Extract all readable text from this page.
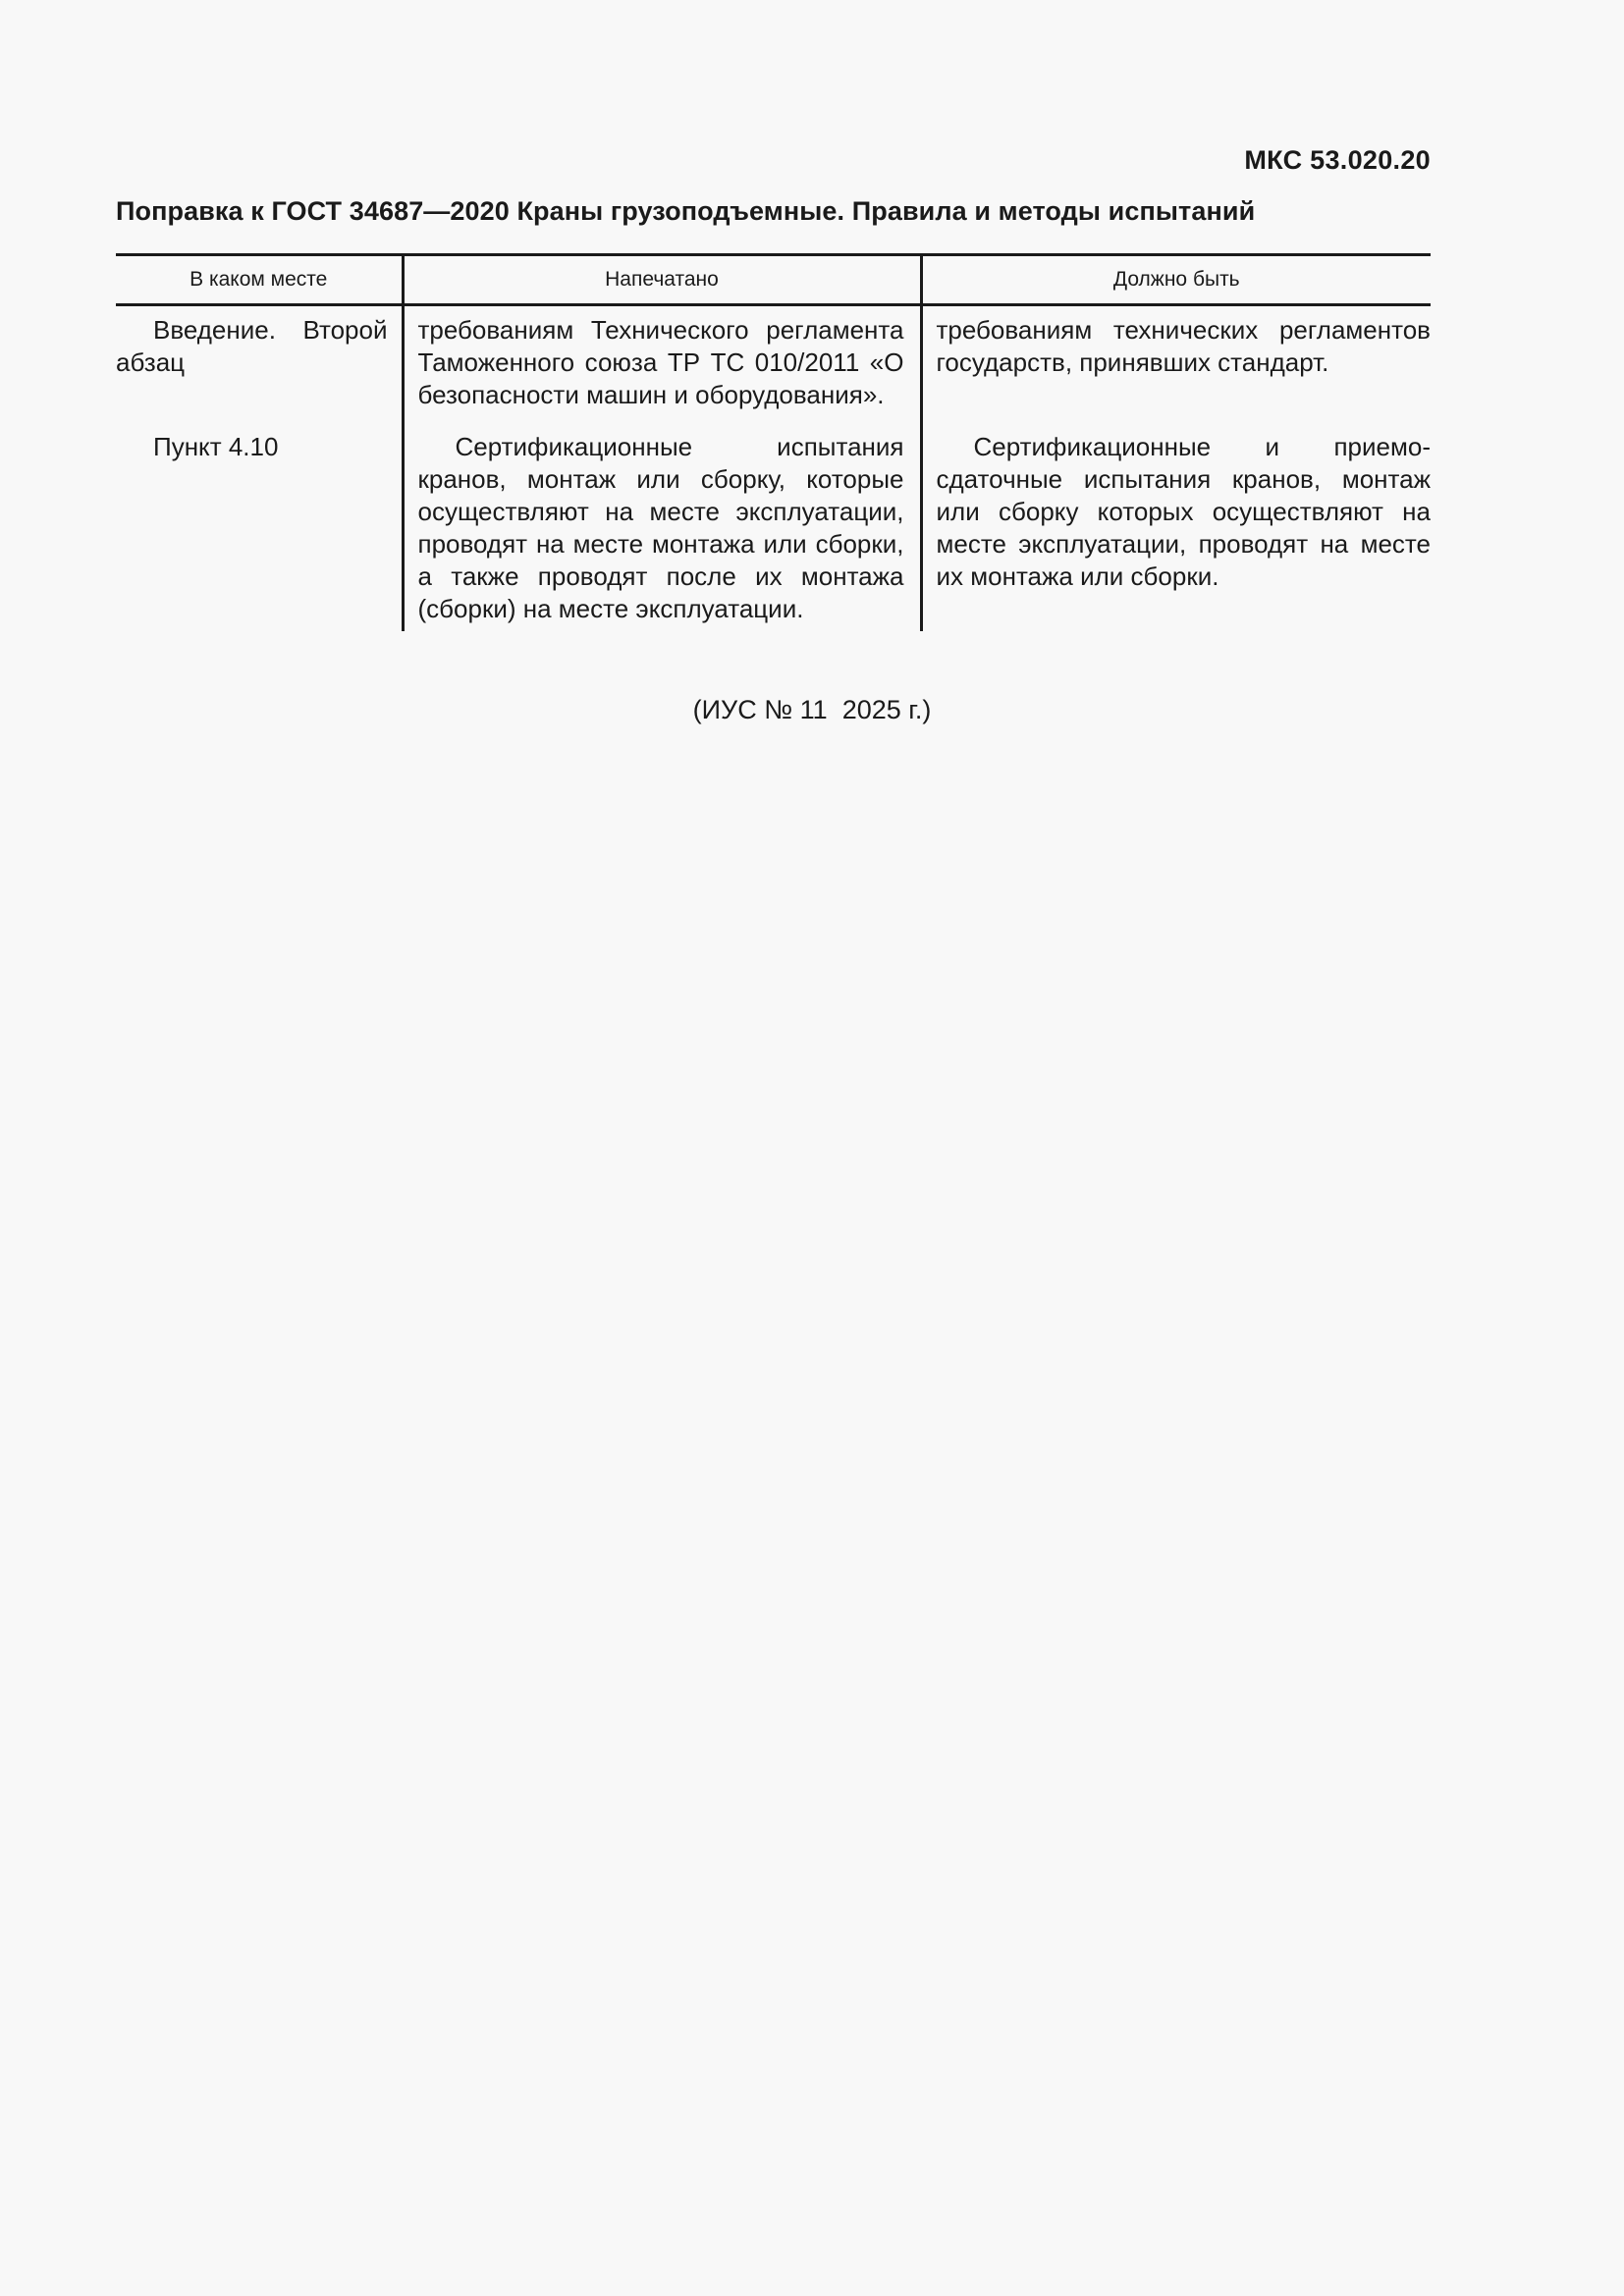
МКС 53.020.20
Поправка к ГОСТ 34687—2020 Краны грузоподъемные. Правила и методы испытаний
В каком месте	Напечатано	Должно быть
Введение. Второй абзац	требованиям Технического регламента Таможенного союза ТР ТС 010/2011 «О безопасности машин и оборудования».	требованиям технических регламентов государств, принявших стандарт.
Пункт 4.10	Сертификационные испытания кранов, монтаж или сборку, которые осуществляют на месте эксплуатации, проводят на месте монтажа или сборки, а также проводят после их монтажа (сборки) на месте эксплуатации.	Сертификационные и приемо-сдаточные испытания кранов, монтаж или сборку которых осуществляют на месте эксплуатации, проводят на месте их монтажа или сборки.
(ИУС № 11  2025 г.)
